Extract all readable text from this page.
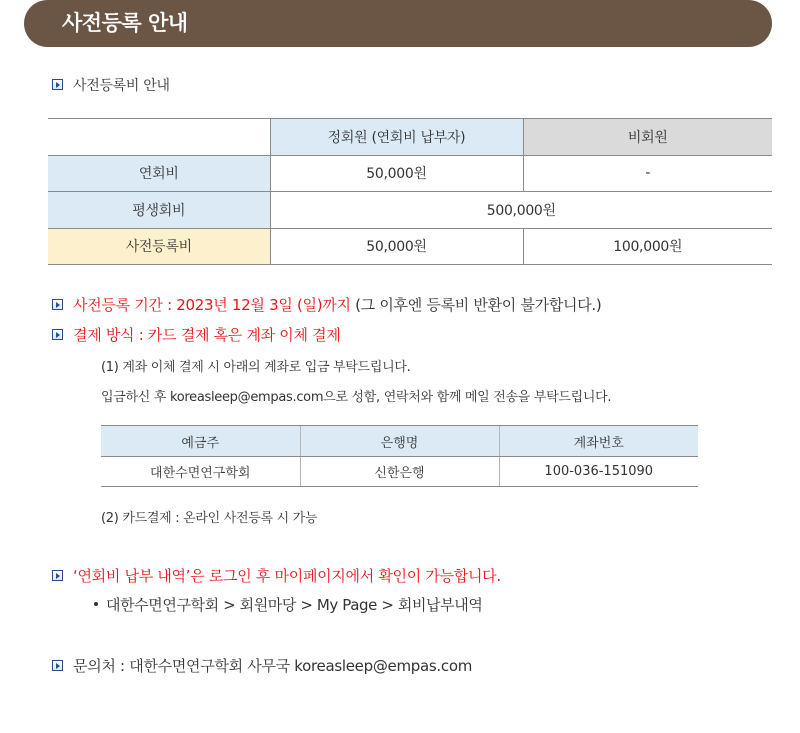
사전등록 안내
사전등록비 안내
	정회원 (연회비 납부자)	비회원
연회비	50,000원	-
평생회비	500,000원	
사전등록비	50,000원	100,000원
사전등록 기간 : 2023년 12월 3일 (일)까지 (그 이후엔 등록비 반환이 불가합니다.)
결제 방식 : 카드 결제 혹은 계좌 이체 결제
(1) 계좌 이체 결제 시 아래의 계좌로 입금 부탁드립니다.
입금하신 후 koreasleep@empas.com으로 성함, 연락처와 함께 메일 전송을 부탁드립니다.
예금주	은행명	계좌번호
대한수면연구학회	신한은행	100-036-151090
(2) 카드결제 : 온라인 사전등록 시 가능
‘연회비 납부 내역’은 로그인 후 마이페이지에서 확인이 가능합니다.
대한수면연구학회 > 회원마당 > My Page > 회비납부내역
문의처 : 대한수면연구학회 사무국 koreasleep@empas.com
